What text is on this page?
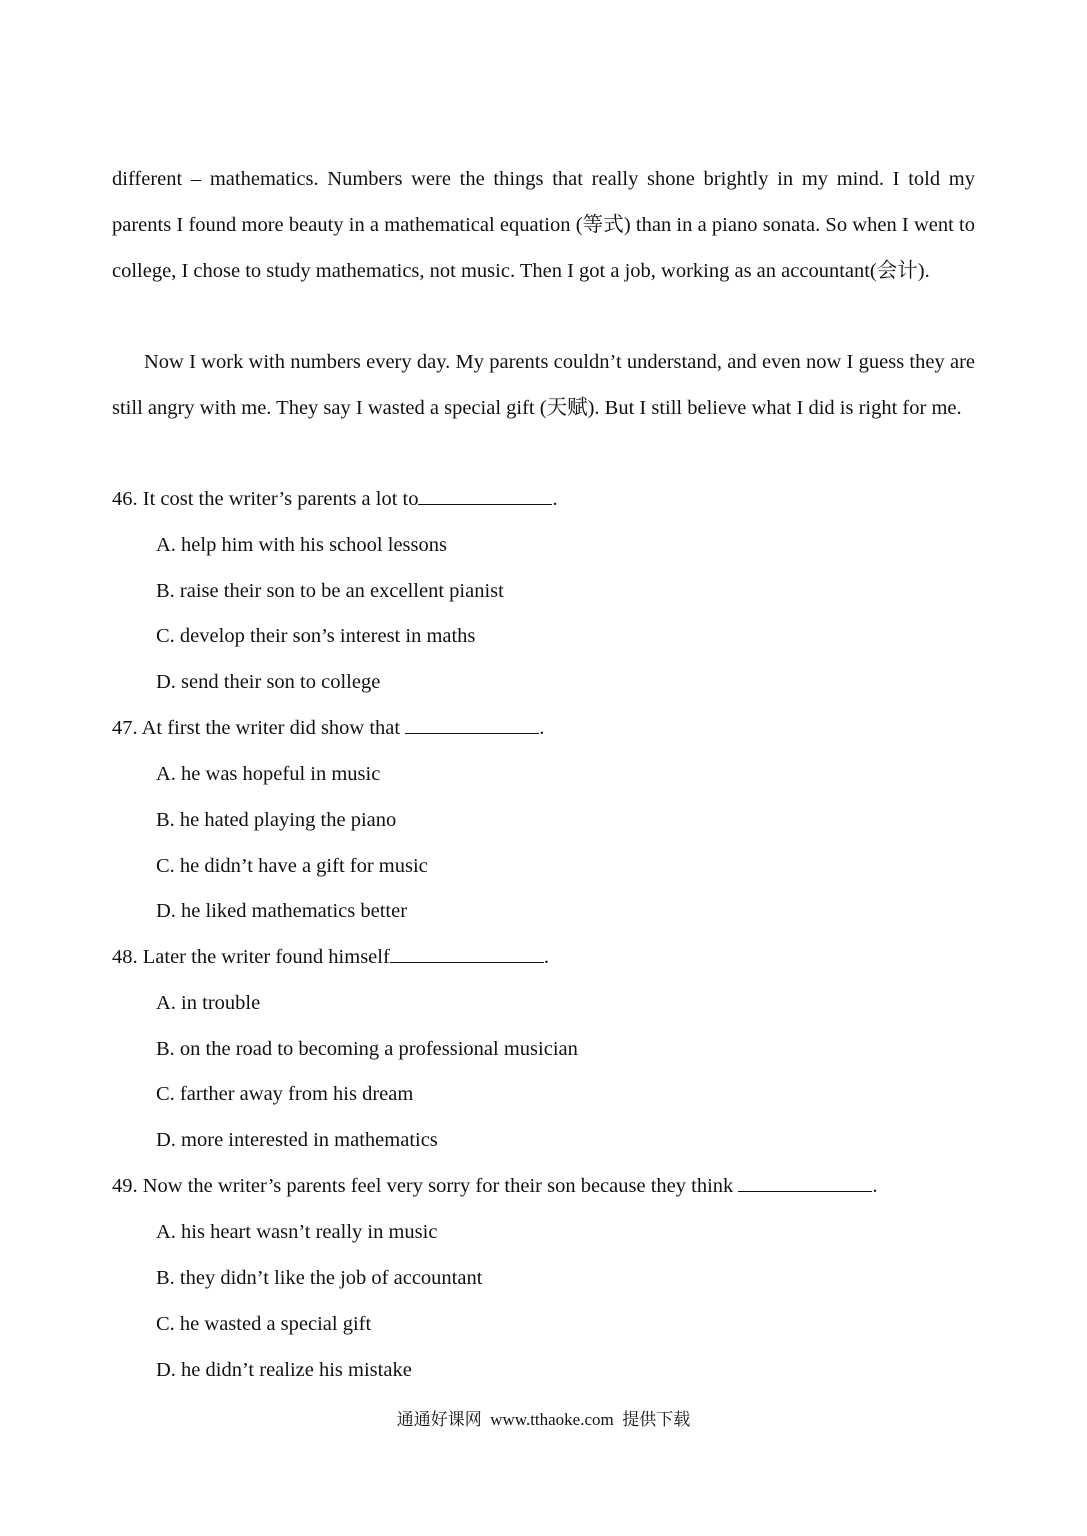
different – mathematics. Numbers were the things that really shone brightly in my mind. I told my parents I found more beauty in a mathematical equation (等式) than in a piano sonata. So when I went to college, I chose to study mathematics, not music. Then I got a job, working as an accountant(会计).

Now I work with numbers every day. My parents couldn’t understand, and even now I guess they are still angry with me. They say I wasted a special gift (天赋). But I still believe what I did is right for me.

46. It cost the writer’s parents a lot to	.
A. help him with his school lessons
B. raise their son to be an excellent pianist
C. develop their son’s interest in maths
D. send their son to college
47. At first the writer did show that	.
A. he was hopeful in music
B. he hated playing the piano
C. he didn’t have a gift for music
D. he liked mathematics better
48. Later the writer found himself	.
A. in trouble
B. on the road to becoming a professional musician
C. farther away from his dream
D. more interested in mathematics
49. Now the writer’s parents feel very sorry for their son because they think	.
A. his heart wasn’t really in music
B. they didn’t like the job of accountant
C. he wasted a special gift
D. he didn’t realize his mistake
通通好课网  www.tthaoke.com  提供下载
